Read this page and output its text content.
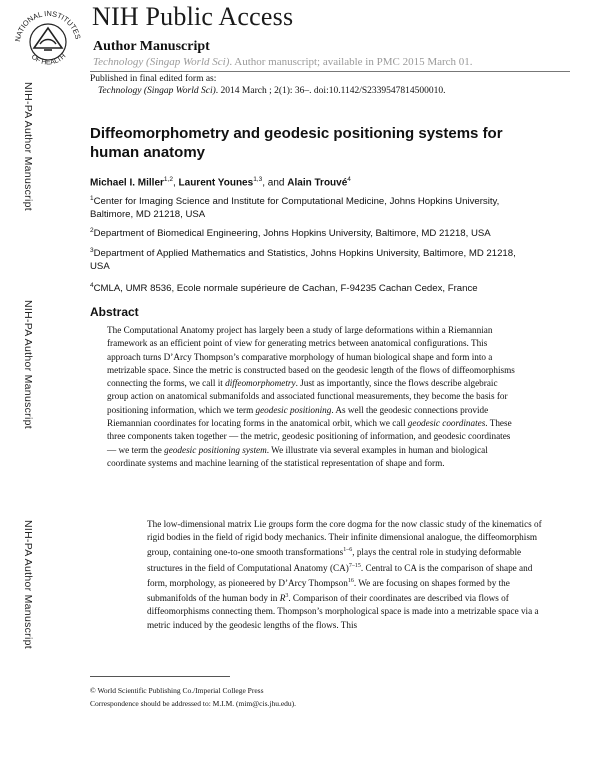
NATIONAL INSTITUTES
OF HEALTH
NIH Public Access
Author Manuscript
Technology (Singap World Sci). Author manuscript; available in PMC 2015 March 01.
Published in final edited form as:
Technology (Singap World Sci). 2014 March ; 2(1): 36–. doi:10.1142/S2339547814500010.
NIH-PA Author Manuscript
NIH-PA Author Manuscript
NIH-PA Author Manuscript
Diffeomorphometry and geodesic positioning systems for human anatomy
Michael I. Miller$^{1,2}$, Laurent Younes$^{1,3}$, and Alain Trouvé$^4$
$^1$Center for Imaging Science and Institute for Computational Medicine, Johns Hopkins University, Baltimore, MD 21218, USA
$^2$Department of Biomedical Engineering, Johns Hopkins University, Baltimore, MD 21218, USA
$^3$Department of Applied Mathematics and Statistics, Johns Hopkins University, Baltimore, MD 21218, USA
$^4$CMLA, UMR 8536, Ecole normale supérieure de Cachan, F-94235 Cachan Cedex, France
Abstract
The Computational Anatomy project has largely been a study of large deformations within a Riemannian framework as an efficient point of view for generating metrics between anatomical configurations. This approach turns D’Arcy Thompson’s comparative morphology of human biological shape and form into a metrizable space. Since the metric is constructed based on the geodesic length of the flows of diffeomorphisms connecting the forms, we call it diffeomorphometry. Just as importantly, since the flows describe algebraic group action on anatomical submanifolds and associated functional measurements, they become the basis for positioning information, which we term geodesic positioning. As well the geodesic connections provide Riemannian coordinates for locating forms in the anatomical orbit, which we call geodesic coordinates. These three components taken together — the metric, geodesic positioning of information, and geodesic coordinates — we term the geodesic positioning system. We illustrate via several examples in human and biological coordinate systems and machine learning of the statistical representation of shape and form.
The low-dimensional matrix Lie groups form the core dogma for the now classic study of the kinematics of rigid bodies in the field of rigid body mechanics. Their infinite dimensional analogue, the diffeomorphism group, containing one-to-one smooth transformations$^{1-6}$, plays the central role in studying deformable structures in the field of Computational Anatomy (CA)$^{7-15}$. Central to CA is the comparison of shape and form, morphology, as pioneered by D’Arcy Thompson$^{16}$. We are focusing on shapes formed by the submanifolds of the human body in $R^3$. Comparison of their coordinates are described via flows of diffeomorphisms connecting them. Thompson’s morphological space is made into a metrizable space via a metric induced by the geodesic lengths of the flows. This
© World Scientific Publishing Co./Imperial College Press
Correspondence should be addressed to: M.I.M. (mim@cis.jhu.edu).
